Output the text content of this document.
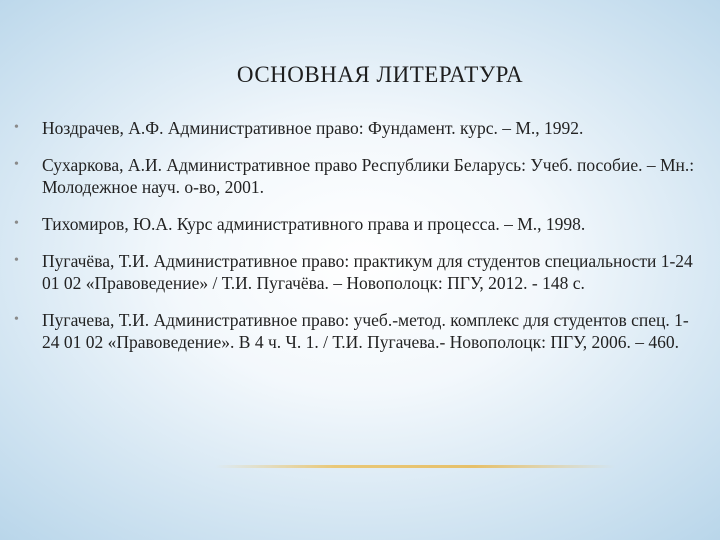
ОСНОВНАЯ ЛИТЕРАТУРА
• Ноздрачев, А.Ф. Административное право: Фундамент. курс. – М., 1992.
• Сухаркова, А.И. Административное право Республики Беларусь: Учеб. пособие. – Мн.: Молодежное науч. о-во, 2001.
• Тихомиров, Ю.А. Курс административного права и процесса. – М., 1998.
• Пугачёва, Т.И. Административное право: практикум для студентов специальности 1-24 01 02 «Правоведение» / Т.И. Пугачёва. – Новополоцк: ПГУ, 2012. - 148 с.
• Пугачева, Т.И. Административное право: учеб.-метод. комплекс для студентов спец. 1-24 01 02 «Правоведение». В 4 ч. Ч. 1. / Т.И. Пугачева.- Новополоцк: ПГУ, 2006. – 460.
